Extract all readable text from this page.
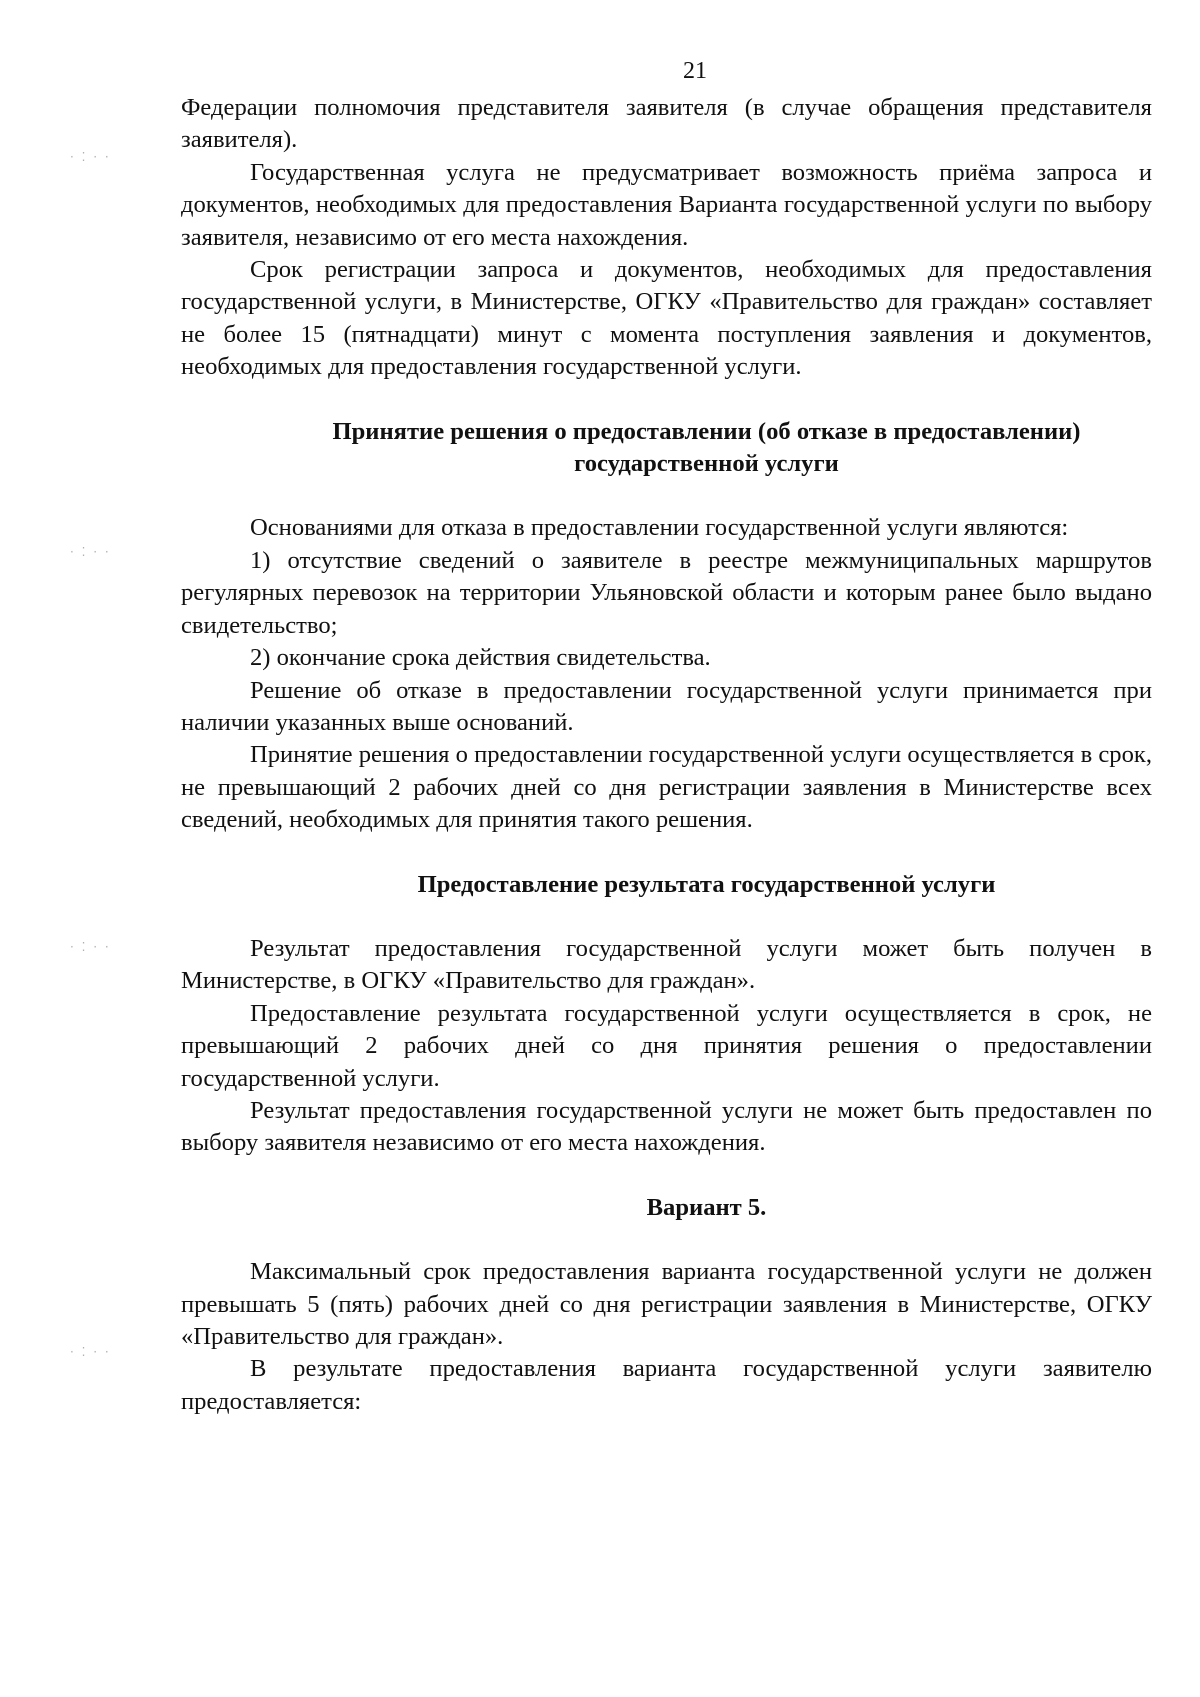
21
· ⁚ · ·
· ⁚ · ·
· ⁚ · ·
· ⁚ · ·

Федерации полномочия представителя заявителя (в случае обращения представителя заявителя).

Государственная услуга не предусматривает возможность приёма запроса и документов, необходимых для предоставления Варианта государственной услуги по выбору заявителя, независимо от его места нахождения.

Срок регистрации запроса и документов, необходимых для предоставления государственной услуги, в Министерстве, ОГКУ «Правительство для граждан» составляет не более 15 (пятнадцати) минут с момента поступления заявления и документов, необходимых для предоставления государственной услуги.

Принятие решения о предоставлении (об отказе в предоставлении)

государственной услуги

Основаниями для отказа в предоставлении государственной услуги являются:

1) отсутствие сведений о заявителе в реестре межмуниципальных маршрутов регулярных перевозок на территории Ульяновской области и которым ранее было выдано свидетельство;

2) окончание срока действия свидетельства.

Решение об отказе в предоставлении государственной услуги принимается при наличии указанных выше оснований.

Принятие решения о предоставлении государственной услуги осуществляется в срок, не превышающий 2 рабочих дней со дня регистрации заявления в Министерстве всех сведений, необходимых для принятия такого решения.

Предоставление результата государственной услуги

Результат предоставления государственной услуги может быть получен в Министерстве, в ОГКУ «Правительство для граждан».

Предоставление результата государственной услуги осуществляется в срок, не превышающий 2 рабочих дней со дня принятия решения о предоставлении государственной услуги.

Результат предоставления государственной услуги не может быть предоставлен по выбору заявителя независимо от его места нахождения.

Вариант 5.

Максимальный срок предоставления варианта государственной услуги не должен превышать 5 (пять) рабочих дней со дня регистрации заявления в Министерстве, ОГКУ «Правительство для граждан».

В результате предоставления варианта государственной услуги заявителю предоставляется:
